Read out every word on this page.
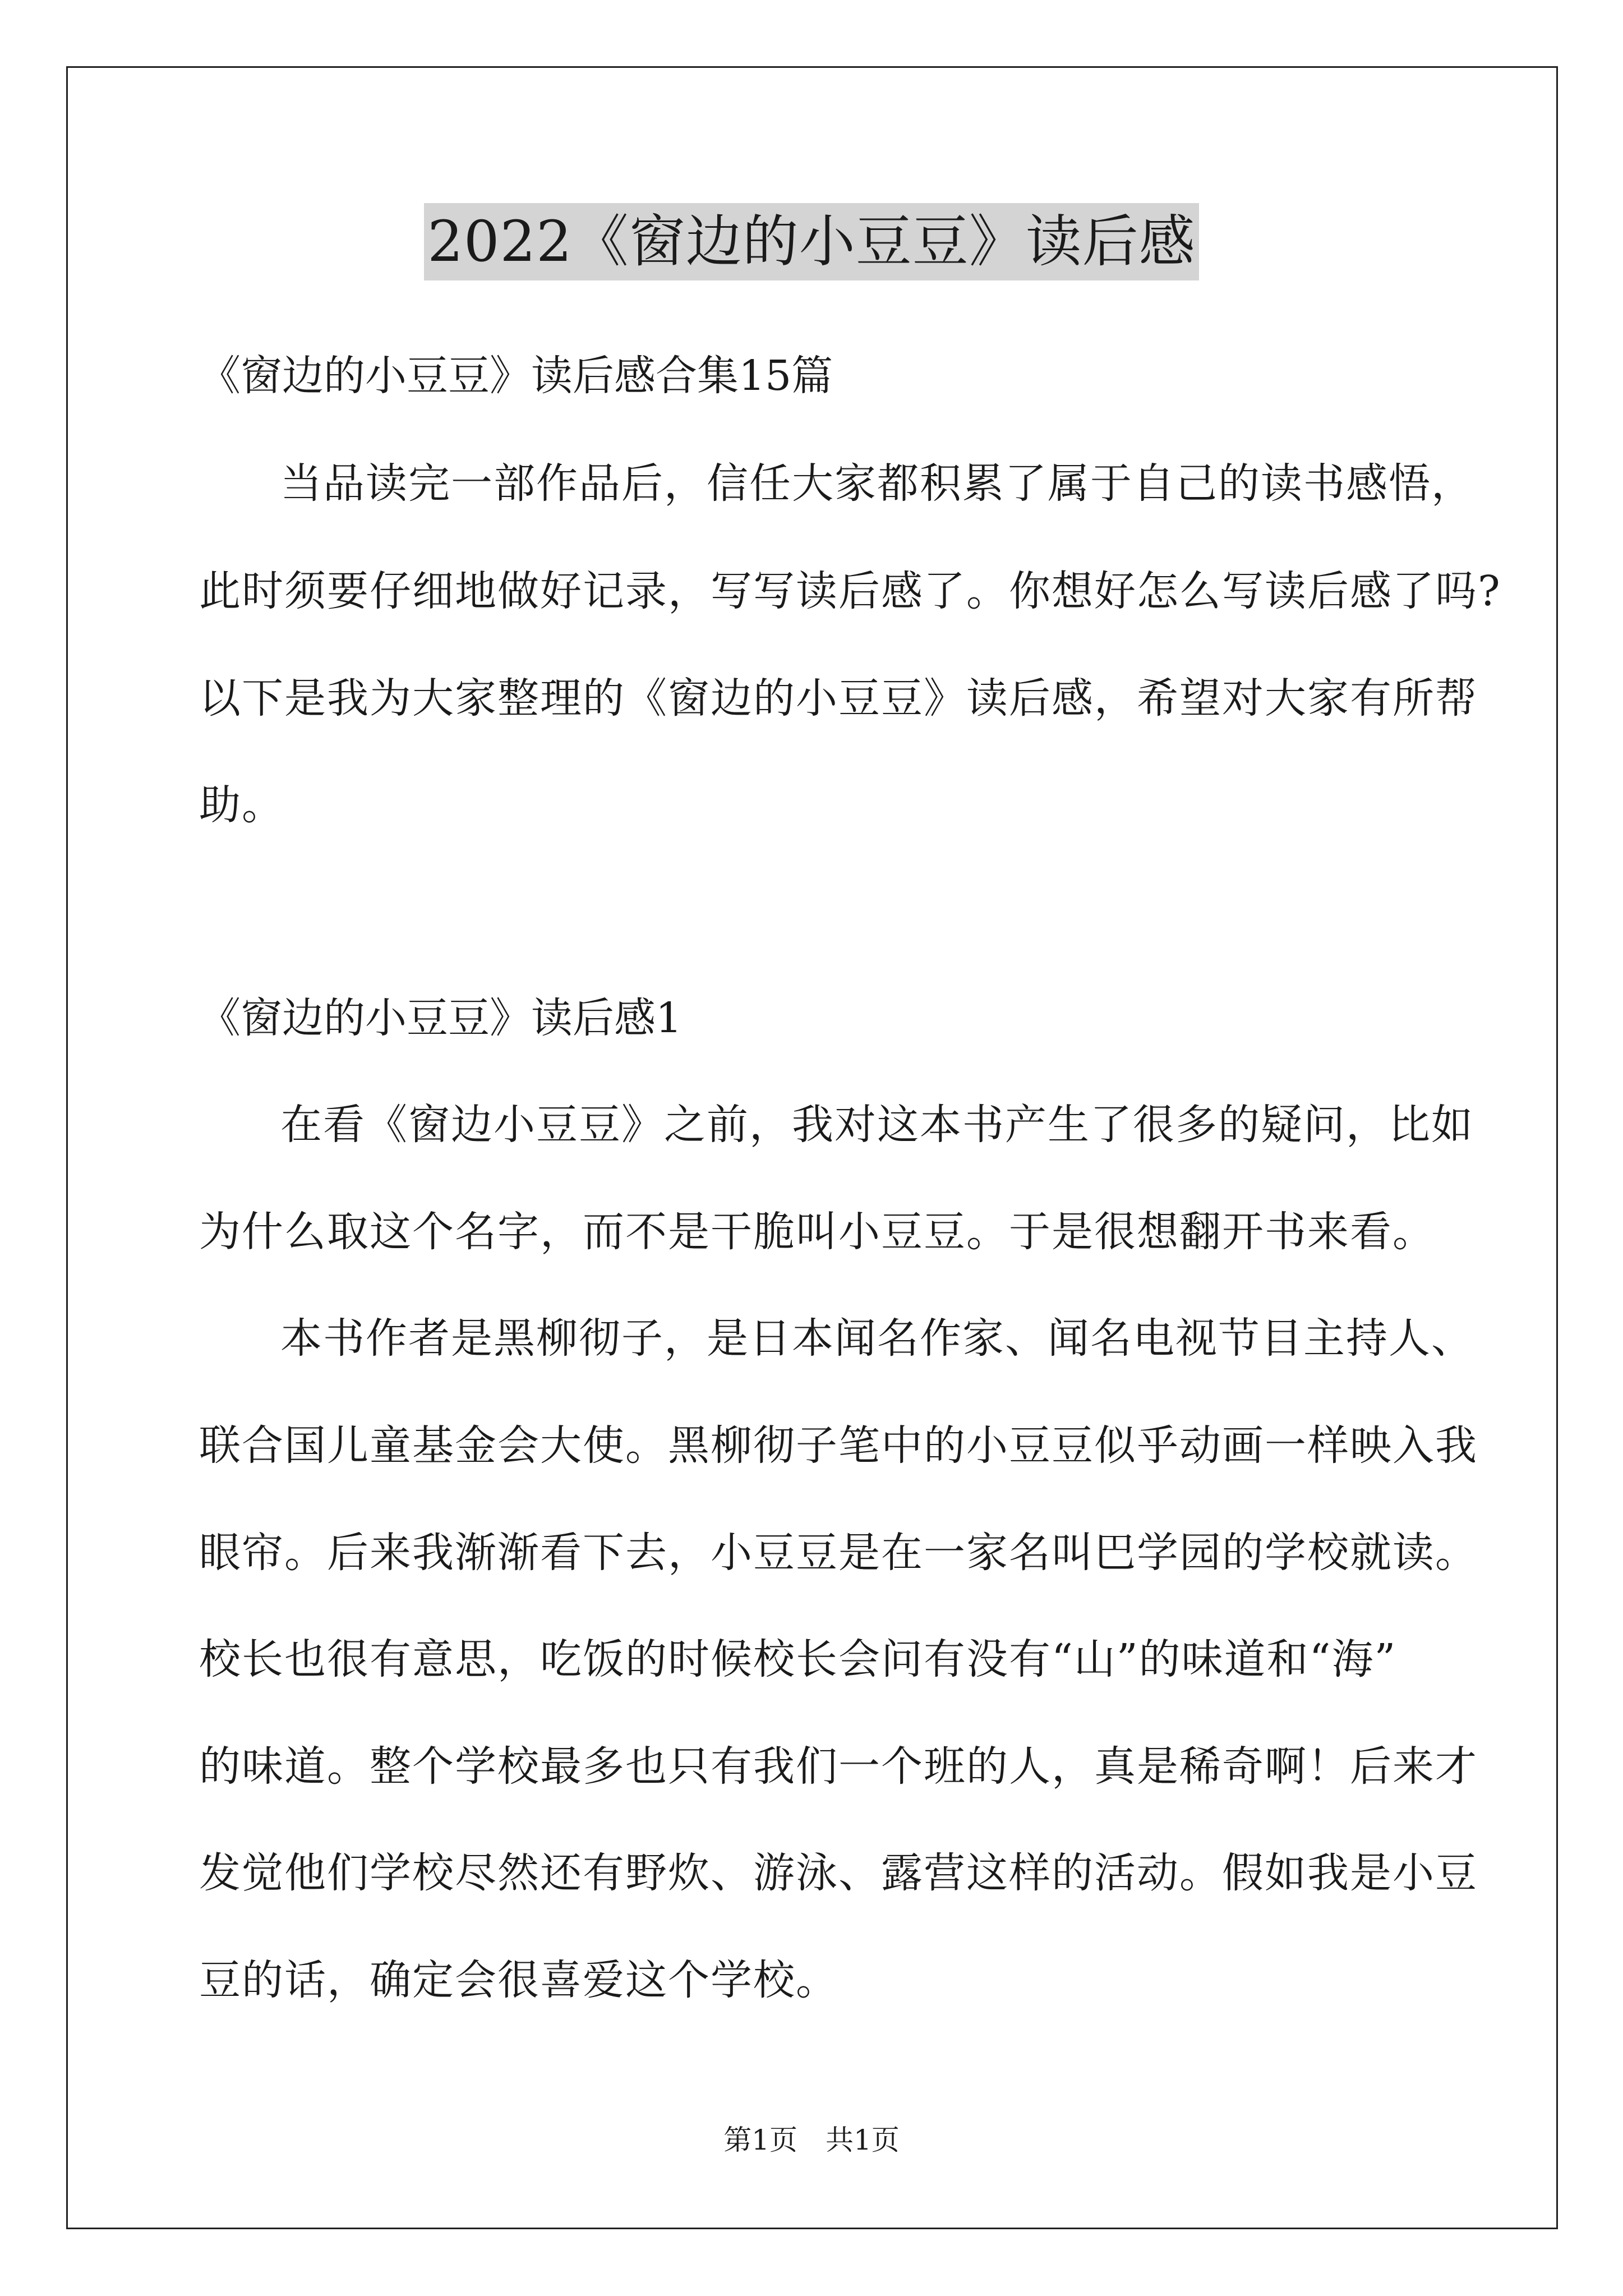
2022《窗边的小豆豆》读后感
《窗边的小豆豆》读后感合集15篇
当品读完一部作品后，信任大家都积累了属于自己的读书感悟，
此时须要仔细地做好记录，写写读后感了。你想好怎么写读后感了吗?
以下是我为大家整理的《窗边的小豆豆》读后感，希望对大家有所帮
助。
《窗边的小豆豆》读后感1
在看《窗边小豆豆》之前，我对这本书产生了很多的疑问，比如
为什么取这个名字，而不是干脆叫小豆豆。于是很想翻开书来看。
本书作者是黑柳彻子，是日本闻名作家、闻名电视节目主持人、
联合国儿童基金会大使。黑柳彻子笔中的小豆豆似乎动画一样映入我
眼帘。后来我渐渐看下去，小豆豆是在一家名叫巴学园的学校就读。
校长也很有意思，吃饭的时候校长会问有没有“山”的味道和“海”
的味道。整个学校最多也只有我们一个班的人，真是稀奇啊！后来才
发觉他们学校尽然还有野炊、游泳、露营这样的活动。假如我是小豆
豆的话，确定会很喜爱这个学校。
第1页　共1页
